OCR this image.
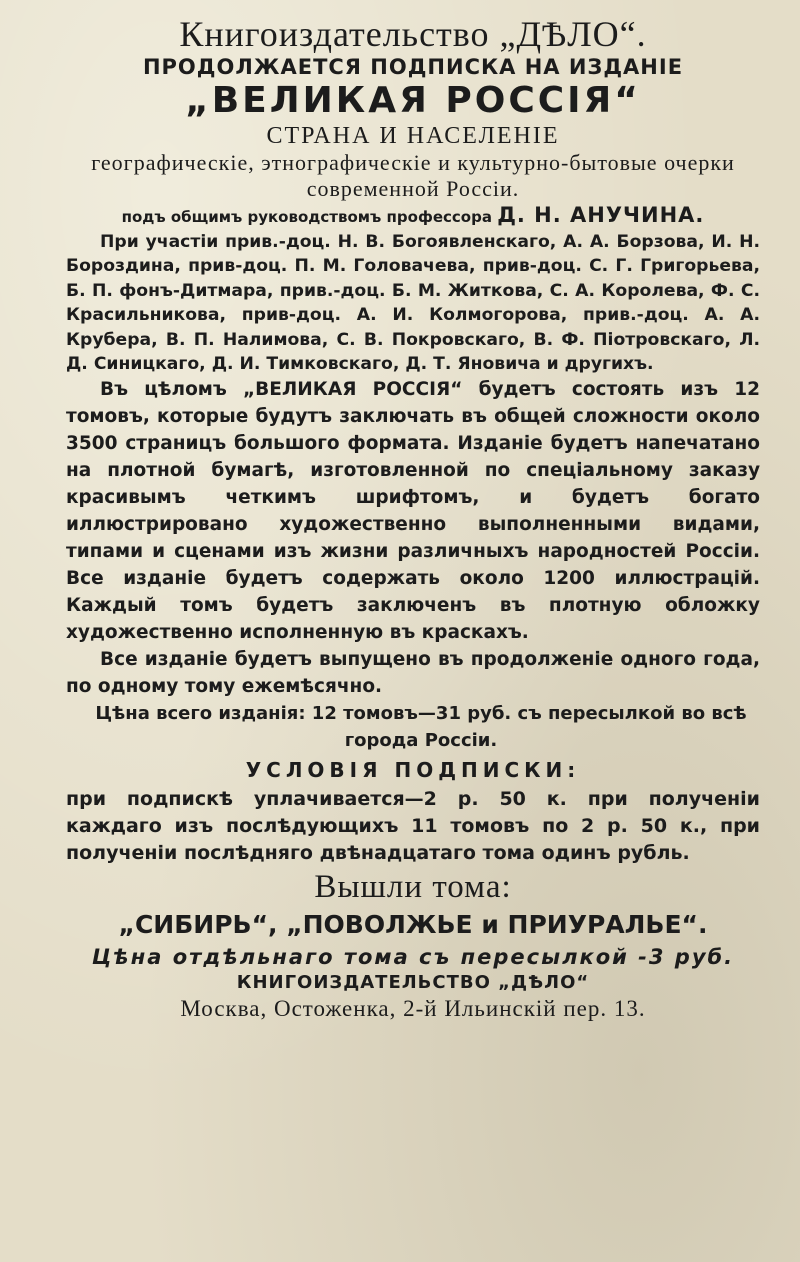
Книгоиздательство „ДѢЛО“.
ПРОДОЛЖАЕТСЯ ПОДПИСКА НА ИЗДАНІЕ
„ВЕЛИКАЯ РОССІЯ“
СТРАНА И НАСЕЛЕНІЕ
географическіе, этнографическіе и культурно-бытовые очерки современной Россіи.
подъ общимъ руководствомъ профессора Д. Н. АНУЧИНА.

При участіи прив.-доц. Н. В. Богоявленскаго, А. А. Борзова, И. Н. Бороздина, прив-доц. П. М. Головачева, прив-доц. С. Г. Григорьева, Б. П. фонъ-Дитмара, прив.-доц. Б. М. Житкова, С. А. Королева, Ф. С. Красильникова, прив-доц. А. И. Колмогорова, прив.-доц. А. А. Крубера, В. П. Налимова, С. В. Покровскаго, В. Ф. Піотровскаго, Л. Д. Синицкаго, Д. И. Тимковскаго, Д. Т. Яновича и другихъ.

Въ цѣломъ „ВЕЛИКАЯ РОССІЯ“ будетъ состоять изъ 12 томовъ, которые будутъ заключать въ общей сложности около 3500 страницъ большого формата. Изданіе будетъ напечатано на плотной бумагѣ, изготовленной по спеціальному заказу красивымъ четкимъ шрифтомъ, и будетъ богато иллюстрировано художественно выполненными видами, типами и сценами изъ жизни различныхъ народностей Россіи. Все изданіе будетъ содержать около 1200 иллюстрацій. Каждый томъ будетъ заключенъ въ плотную обложку художественно исполненную въ краскахъ.

Все изданіе будетъ выпущено въ продолженіе одного года, по одному тому ежемѣсячно.

Цѣна всего изданія: 12 томовъ—31 руб. съ пересылкой во всѣ города Россіи.
УСЛОВІЯ ПОДПИСКИ:

при подпискѣ уплачивается—2 р. 50 к. при полученіи каждаго изъ послѣдующихъ 11 томовъ по 2 р. 50 к., при полученіи послѣдняго двѣнадцатаго тома одинъ рубль.

Вышли тома:
„СИБИРЬ“, „ПОВОЛЖЬЕ и ПРИУРАЛЬЕ“.
Цѣна отдѣльнаго тома съ пересылкой -3 руб.
КНИГОИЗДАТЕЛЬСТВО „ДѢЛО“
Москва, Остоженка, 2-й Ильинскій пер. 13.
